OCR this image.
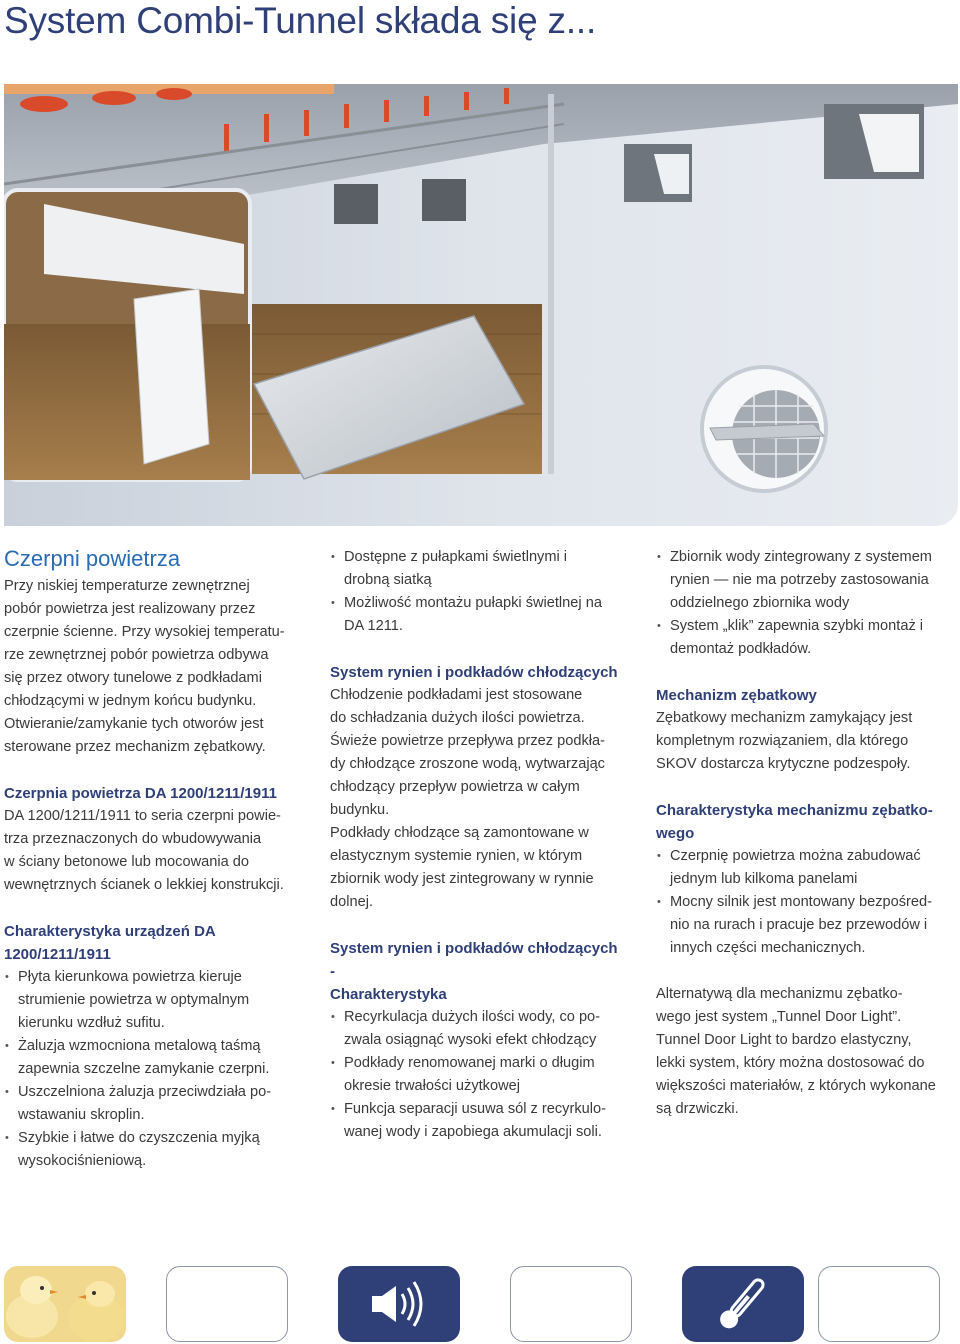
System Combi-Tunnel składa się z...
Czerpni powietrza
Przy niskiej temperaturze zewnętrznej
pobór powietrza jest realizowany przez
czerpnie ścienne. Przy wysokiej temperatu-
rze zewnętrznej pobór powietrza odbywa
się przez otwory tunelowe z podkładami
chłodzącymi w jednym końcu budynku.
Otwieranie/zamykanie tych otworów jest
sterowane przez mechanizm zębatkowy.
Czerpnia powietrza DA 1200/1211/1911
DA 1200/1211/1911 to seria czerpni powie-
trza przeznaczonych do wbudowywania
w ściany betonowe lub mocowania do
wewnętrznych ścianek o lekkiej konstrukcji.
Charakterystyka urządzeń DA
1200/1211/1911
• Płyta kierunkowa powietrza kieruje
strumienie powietrza w optymalnym
kierunku wzdłuż sufitu.
• Żaluzja wzmocniona metalową taśmą
zapewnia szczelne zamykanie czerpni.
• Uszczelniona żaluzja przeciwdziała po-
wstawaniu skroplin.
• Szybkie i łatwe do czyszczenia myjką
wysokociśnieniową.
• Dostępne z pułapkami świetlnymi i
drobną siatką
• Możliwość montażu pułapki świetlnej na
DA 1211.
System rynien i podkładów chłodzących
Chłodzenie podkładami jest stosowane
do schładzania dużych ilości powietrza.
Świeże powietrze przepływa przez podkła-
dy chłodzące zroszone wodą, wytwarzając
chłodzący przepływ powietrza w całym
budynku.
Podkłady chłodzące są zamontowane w
elastycznym systemie rynien, w którym
zbiornik wody jest zintegrowany w rynnie
dolnej.
System rynien i podkładów chłodzących
-
Charakterystyka
• Recyrkulacja dużych ilości wody, co po-
zwala osiągnąć wysoki efekt chłodzący
• Podkłady renomowanej marki o długim
okresie trwałości użytkowej
• Funkcja separacji usuwa sól z recyrkulo-
wanej wody i zapobiega akumulacji soli.
• Zbiornik wody zintegrowany z systemem
rynien — nie ma potrzeby zastosowania
oddzielnego zbiornika wody
• System „klik” zapewnia szybki montaż i
demontaż podkładów.
Mechanizm zębatkowy
Zębatkowy mechanizm zamykający jest
kompletnym rozwiązaniem, dla którego
SKOV dostarcza krytyczne podzespoły.
Charakterystyka mechanizmu zębatko-
wego
• Czerpnię powietrza można zabudować
jednym lub kilkoma panelami
• Mocny silnik jest montowany bezpośred-
nio na rurach i pracuje bez przewodów i
innych części mechanicznych.
Alternatywą dla mechanizmu zębatko-
wego jest system „Tunnel Door Light”.
Tunnel Door Light to bardzo elastyczny,
lekki system, który można dostosować do
większości materiałów, z których wykonane
są drzwiczki.
